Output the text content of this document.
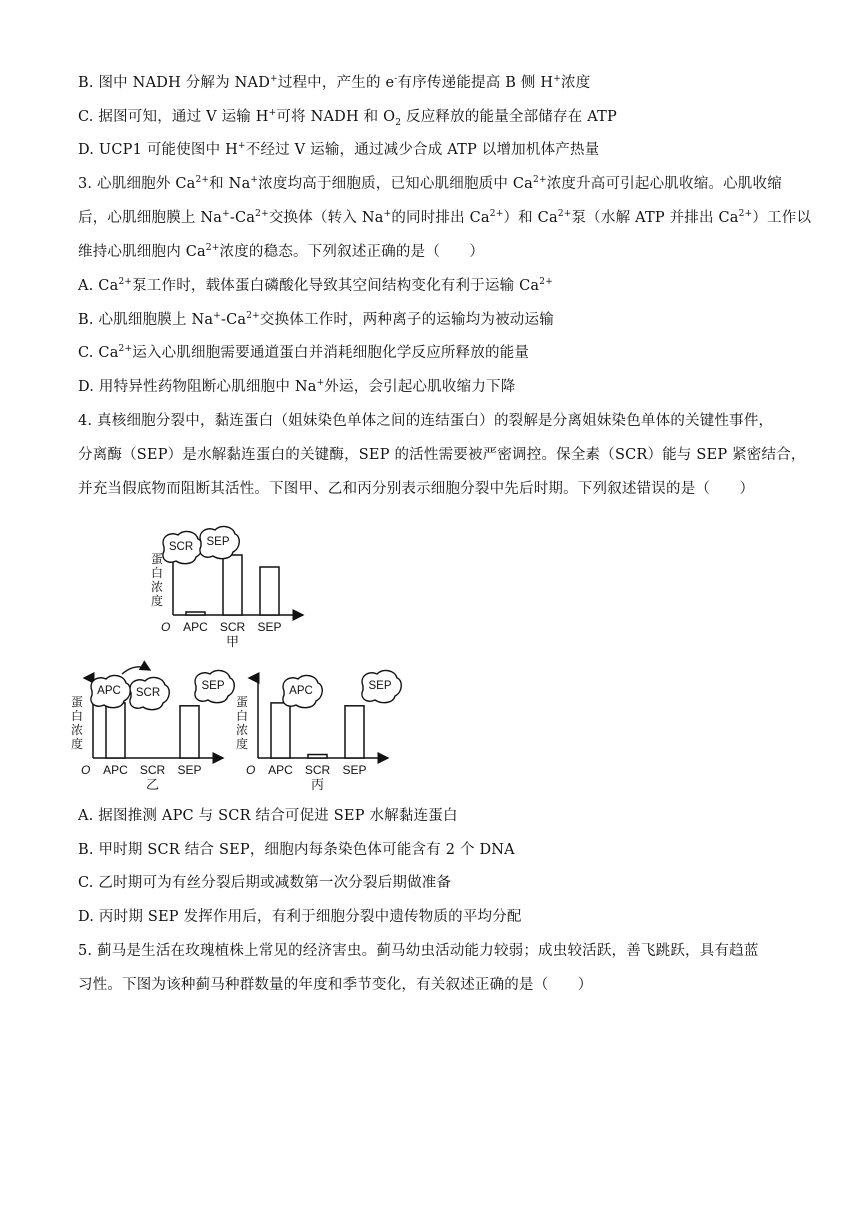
B. 图中 NADH 分解为 NAD+过程中，产生的 e-有序传递能提高 B 侧 H+浓度
C. 据图可知，通过 V 运输 H+可将 NADH 和 $O_2$ 反应释放的能量全部储存在 ATP
D. UCP1 可能使图中 H+不经过 V 运输，通过减少合成 ATP 以增加机体产热量
3. 心肌细胞外 $Ca^{2+}$和 Na+浓度均高于细胞质，已知心肌细胞质中 $Ca^{2+}$浓度升高可引起心肌收缩。心肌收缩
后，心肌细胞膜上 $Na^+-Ca^{2+}$交换体（转入 Na+的同时排出 $Ca^{2+}$）和 $Ca^{2+}$泵（水解 ATP 并排出 $Ca^{2+}$）工作以
维持心肌细胞内 $Ca^{2+}$浓度的稳态。下列叙述正确的是（　　）
A. $Ca^{2+}$泵工作时，载体蛋白磷酸化导致其空间结构变化有利于运输 $Ca^{2+}$
B. 心肌细胞膜上 $Na^+-Ca^{2+}$交换体工作时，两种离子的运输均为被动运输
C. $Ca^{2+}$运入心肌细胞需要通道蛋白并消耗细胞化学反应所释放的能量
D. 用特异性药物阻断心肌细胞中 Na+外运，会引起心肌收缩力下降
4. 真核细胞分裂中，黏连蛋白（姐妹染色单体之间的连结蛋白）的裂解是分离姐妹染色单体的关键性事件，
分离酶（SEP）是水解黏连蛋白的关键酶，SEP 的活性需要被严密调控。保全素（SCR）能与 SEP 紧密结合，
并充当假底物而阻断其活性。下图甲、乙和丙分别表示细胞分裂中先后时期。下列叙述错误的是（　　）
蛋
白
浓
度
O APC SCR SEP
甲
SCR SEP
蛋
白
浓
度
O APC SCR SEP
乙
APC SCR
SEP
蛋
白
浓
度
O APC SCR SEP
丙
APC	SEP
A. 据图推测 APC 与 SCR 结合可促进 SEP 水解黏连蛋白
B. 甲时期 SCR 结合 SEP，细胞内每条染色体可能含有 2 个 DNA
C. 乙时期可为有丝分裂后期或减数第一次分裂后期做准备
D. 丙时期 SEP 发挥作用后，有利于细胞分裂中遗传物质的平均分配
5. 蓟马是生活在玫瑰植株上常见的经济害虫。蓟马幼虫活动能力较弱；成虫较活跃，善飞跳跃，具有趋蓝
习性。下图为该种蓟马种群数量的年度和季节变化，有关叙述正确的是（　　）
